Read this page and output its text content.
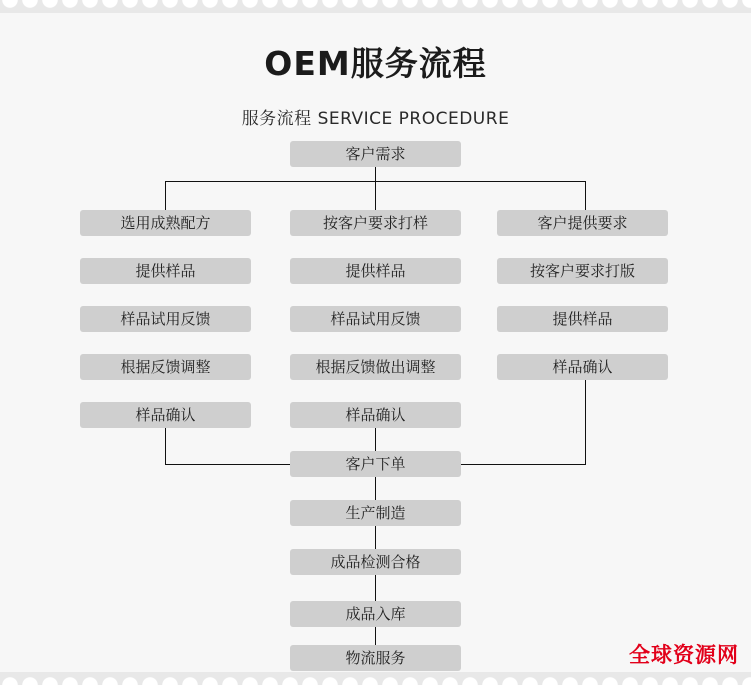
OEM服务流程
服务流程 SERVICE PROCEDURE
客户需求
选用成熟配方
提供样品
样品试用反馈
根据反馈调整
样品确认
按客户要求打样
提供样品
样品试用反馈
根据反馈做出调整
样品确认
客户提供要求
按客户要求打版
提供样品
样品确认
客户下单
生产制造
成品检测合格
成品入库
物流服务	全球资源网
